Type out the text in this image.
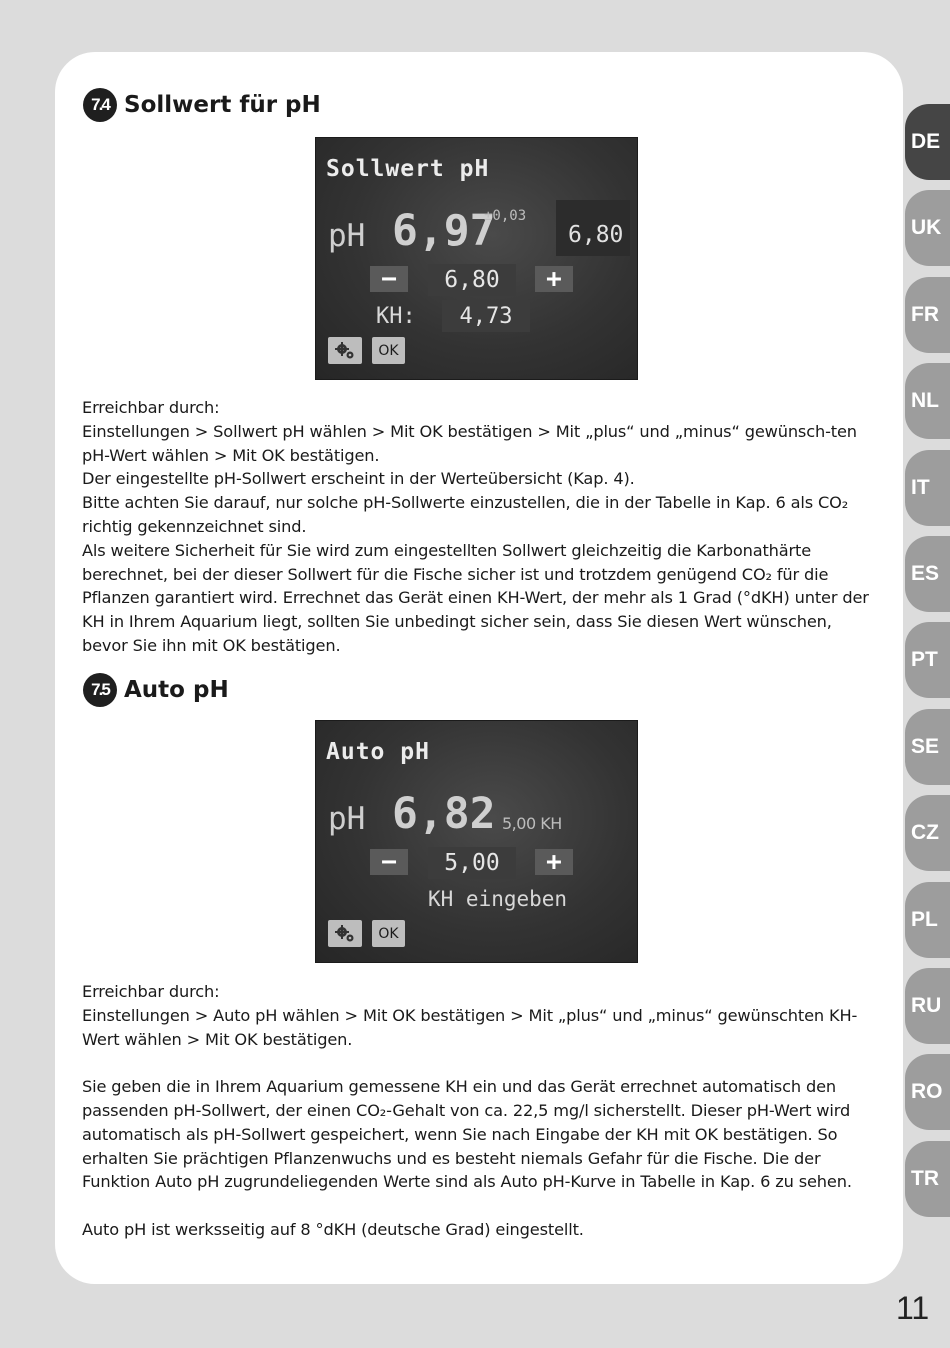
7.4 Sollwert für pH
Sollwert pH
pH 6,97
±0,03
6,80
−	6,80	+
KH:	4,73
OK

Erreichbar durch:

Einstellungen > Sollwert pH wählen > Mit OK bestätigen > Mit „plus“ und „minus“ gewünsch-ten pH-Wert wählen > Mit OK bestätigen.

Der eingestellte pH-Sollwert erscheint in der Werteübersicht (Kap. 4).

Bitte achten Sie darauf, nur solche pH-Sollwerte einzustellen, die in der Tabelle in Kap. 6 als CO₂ richtig gekennzeichnet sind.

Als weitere Sicherheit für Sie wird zum eingestellten Sollwert gleichzeitig die Karbonathärte berechnet, bei der dieser Sollwert für die Fische sicher ist und trotzdem genügend CO₂ für die Pflanzen garantiert wird. Errechnet das Gerät einen KH-Wert, der mehr als 1 Grad (°dKH) unter der KH in Ihrem Aquarium liegt, sollten Sie unbedingt sicher sein, dass Sie diesen Wert wünschen, bevor Sie ihn mit OK bestätigen.

7.5 Auto pH
Auto pH
pH 6,82 5,00 KH
−	5,00	+
KH eingeben
OK

Erreichbar durch:

Einstellungen > Auto pH wählen > Mit OK bestätigen > Mit „plus“ und „minus“ gewünschten KH-Wert wählen > Mit OK bestätigen.

Sie geben die in Ihrem Aquarium gemessene KH ein und das Gerät errechnet automatisch den passenden pH-Sollwert, der einen CO₂-Gehalt von ca. 22,5 mg/l sicherstellt. Dieser pH-Wert wird automatisch als pH-Sollwert gespeichert, wenn Sie nach Eingabe der KH mit OK bestätigen. So erhalten Sie prächtigen Pflanzenwuchs und es besteht niemals Gefahr für die Fische. Die der Funktion Auto pH zugrundeliegenden Werte sind als Auto pH-Kurve in Tabelle in Kap. 6 zu sehen.

Auto pH ist werksseitig auf 8 °dKH (deutsche Grad) eingestellt.

DE
UK
FR
NL
IT
ES
PT
SE
CZ
PL
RU
RO
TR
11
